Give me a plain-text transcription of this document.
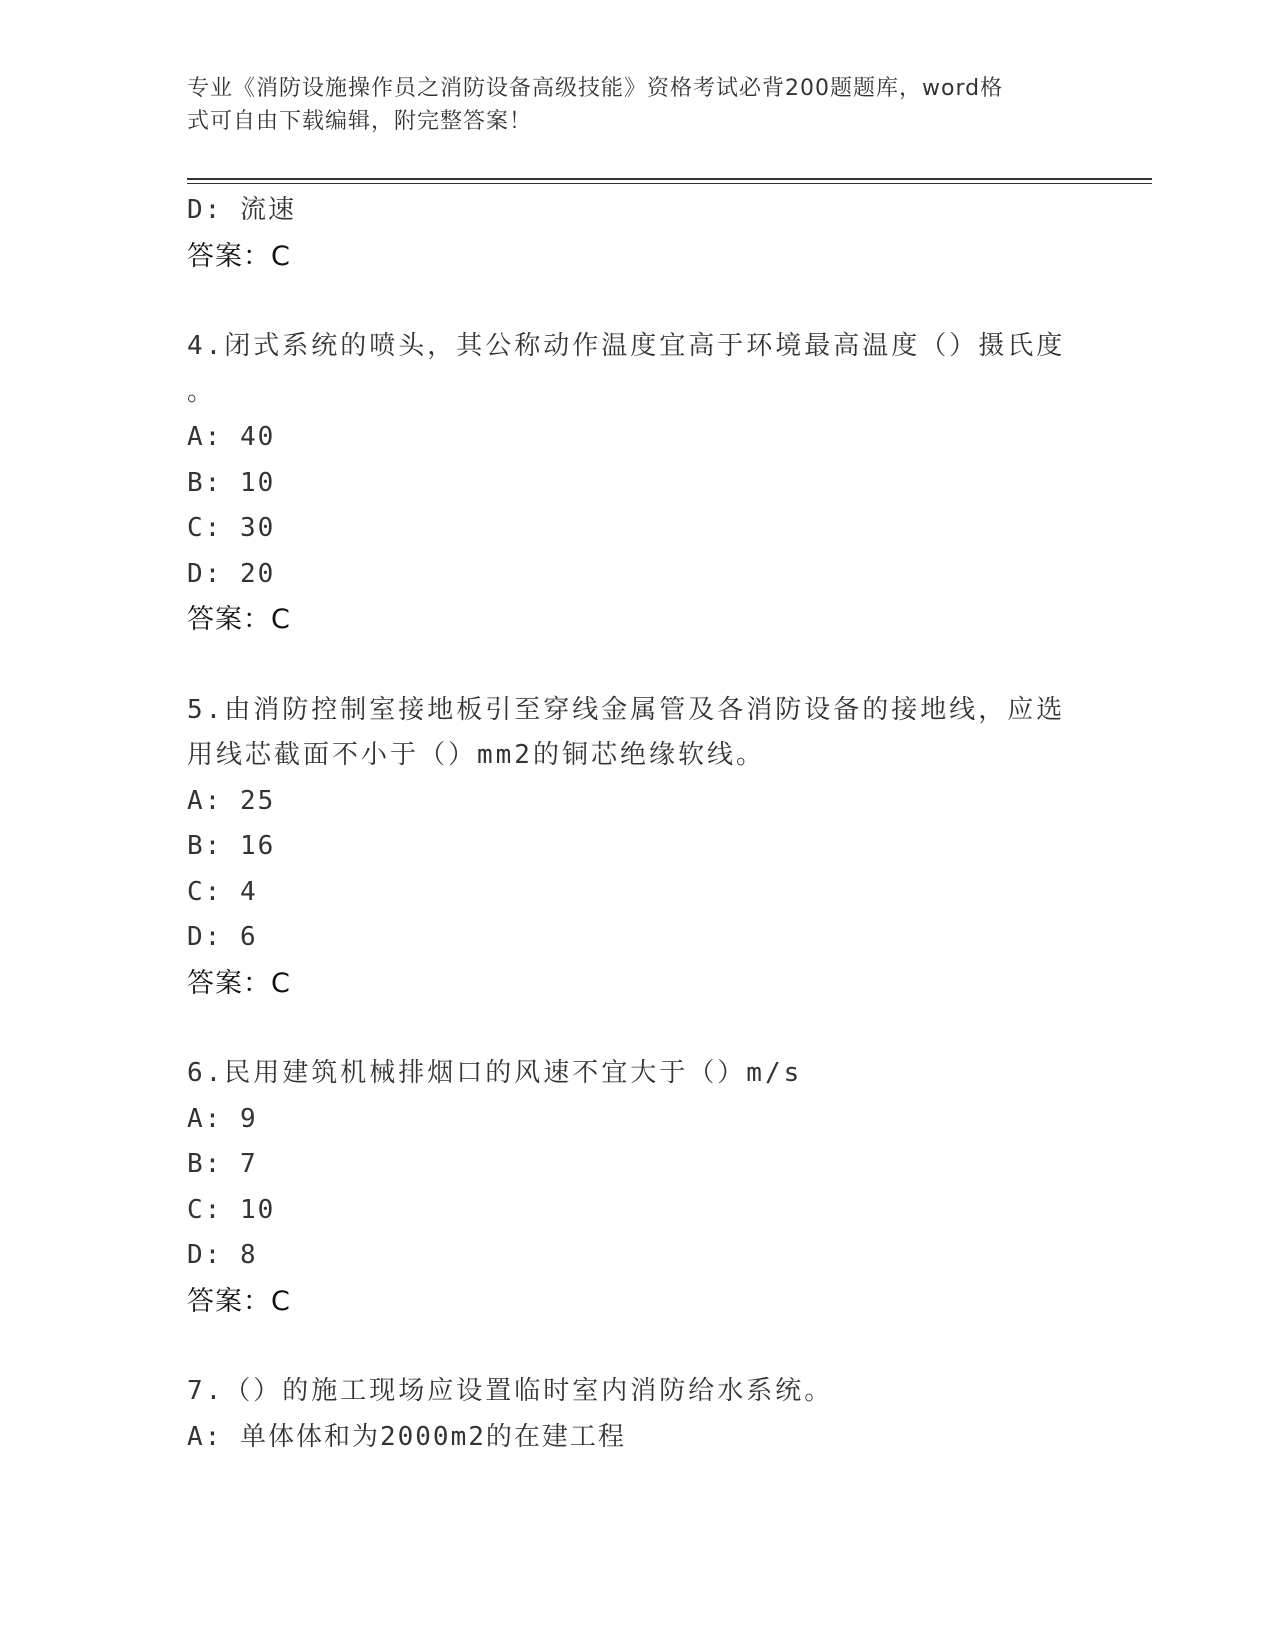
专业《消防设施操作员之消防设备高级技能》资格考试必背200题题库，word格
式可自由下载编辑，附完整答案！
D: 流速
答案：C
4.闭式系统的喷头，其公称动作温度宜高于环境最高温度（）摄氏度
。
A: 40
B: 10
C: 30
D: 20
答案：C
5.由消防控制室接地板引至穿线金属管及各消防设备的接地线，应选
用线芯截面不小于（）mm2的铜芯绝缘软线。
A: 25
B: 16
C: 4
D: 6
答案：C
6.民用建筑机械排烟口的风速不宜大于（）m/s
A: 9
B: 7
C: 10
D: 8
答案：C
7.（）的施工现场应设置临时室内消防给水系统。
A: 单体体和为2000m2的在建工程
